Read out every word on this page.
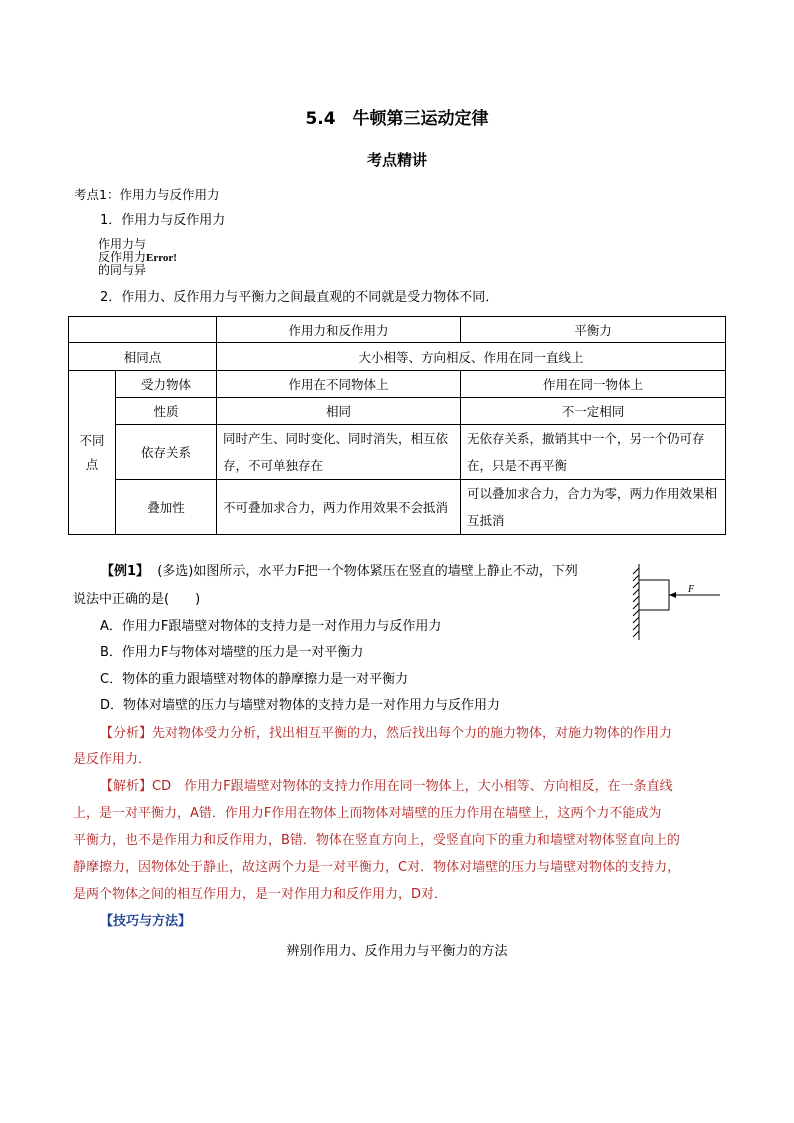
5.4　牛顿第三运动定律
考点精讲
考点1：作用力与反作用力
1．作用力与反作用力
作用力与
反作用力Error!
的同与异
2．作用力、反作用力与平衡力之间最直观的不同就是受力物体不同．
		作用力和反作用力	平衡力
相同点		大小相等、方向相反、作用在同一直线上	
不同点	受力物体	作用在不同物体上	作用在同一物体上
	性质	相同	不一定相同
	依存关系	同时产生、同时变化、同时消失，相互依存，不可单独存在	无依存关系，撤销其中一个，另一个仍可存在，只是不再平衡
	叠加性	不可叠加求合力，两力作用效果不会抵消	可以叠加求合力，合力为零，两力作用效果相互抵消
【例1】 (多选)如图所示，水平力F把一个物体紧压在竖直的墙壁上静止不动，下列
说法中正确的是(　　)
F
A．作用力F跟墙壁对物体的支持力是一对作用力与反作用力
B．作用力F与物体对墙壁的压力是一对平衡力
C．物体的重力跟墙壁对物体的静摩擦力是一对平衡力
D．物体对墙壁的压力与墙壁对物体的支持力是一对作用力与反作用力
【分析】先对物体受力分析，找出相互平衡的力，然后找出每个力的施力物体，对施力物体的作用力
是反作用力．
【解析】CD　作用力F跟墙壁对物体的支持力作用在同一物体上，大小相等、方向相反，在一条直线
上，是一对平衡力，A错．作用力F作用在物体上而物体对墙壁的压力作用在墙壁上，这两个力不能成为
平衡力，也不是作用力和反作用力，B错．物体在竖直方向上，受竖直向下的重力和墙壁对物体竖直向上的
静摩擦力，因物体处于静止，故这两个力是一对平衡力，C对．物体对墙壁的压力与墙壁对物体的支持力，
是两个物体之间的相互作用力，是一对作用力和反作用力，D对．
【技巧与方法】
辨别作用力、反作用力与平衡力的方法
